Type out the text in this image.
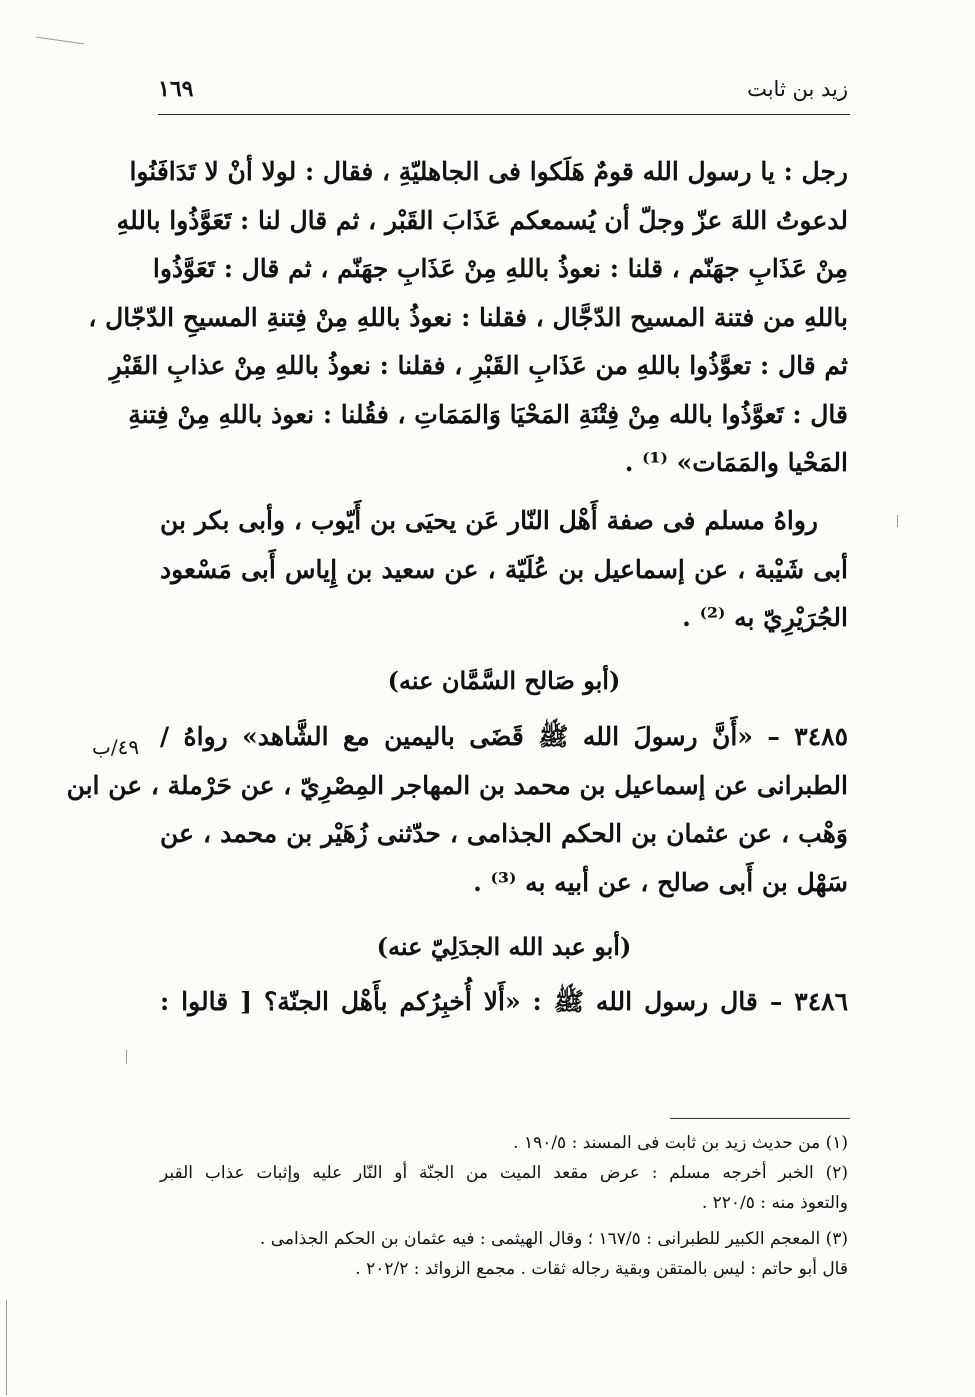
زيد بن ثابت
١٦٩
رجل : يا رسول الله قومٌ هَلَكوا فى الجاهليّةِ ، فقال : لولا أنْ لا تَدَافَنُوا
لدعوتُ اللهَ عزّ وجلّ أن يُسمعكم عَذَابَ القَبْر ، ثم قال لنا : تَعَوَّذُوا باللهِ
مِنْ عَذَابِ جهَنّم ، قلنا : نعوذُ باللهِ مِنْ عَذَابِ جهَنّم ، ثم قال : تَعَوَّذُوا
باللهِ من فتنة المسيح الدّجَّال ، فقلنا : نعوذُ باللهِ مِنْ فِتنةِ المسيحِ الدّجّال ،
ثم قال : تعوَّذُوا باللهِ من عَذَابِ القَبْرِ ، فقلنا : نعوذُ باللهِ مِنْ عذابِ القَبْرِ
قال : تَعوَّذُوا بالله مِنْ فِتْنَةِ المَحْيَا وَالمَمَاتِ ، فقُلنا : نعوذ باللهِ مِنْ فِتنةِ
المَحْيا والمَمَات» ⁽¹⁾ .
رواهُ مسلم فى صفة أَهْل النّار عَن يحيَى بن أَيّوب ، وأبى بكر بن
أبى شَيْبة ، عن إسماعيل بن عُلَيّة ، عن سعيد بن إِياس أَبى مَسْعود
الجُرَيْرِيّ به ⁽²⁾ .
(أبو صَالح السَّمَّان عنه)
٤٩/ب ٣٤٨٥ – «أَنَّ رسولَ الله ﷺ قَضَى باليمين مع الشَّاهد» رواهُ /
الطبرانى عن إسماعيل بن محمد بن المهاجر المِصْرِيّ ، عن حَرْملة ، عن ابن
وَهْب ، عن عثمان بن الحكم الجذامى ، حدّثنى زُهَيْر بن محمد ، عن
سَهْل بن أَبى صالح ، عن أبيه به ⁽³⁾ .
(أبو عبد الله الجدَلِيّ عنه)
٣٤٨٦ – قال رسول الله ﷺ : «أَلا أُخبِرُكم بأَهْل الجنّة؟ [ قالوا :
(١) من حديث زيد بن ثابت فى المسند : ١٩٠/٥ .
(٢) الخبر أخرجه مسلم : عرض مقعد الميت من الجنّة أو النّار عليه وإثبات عذاب القبر
والتعوذ منه : ٢٢٠/٥ .
(٣) المعجم الكبير للطبرانى : ١٦٧/٥ ؛ وقال الهيثمى : فيه عثمان بن الحكم الجذامى .
قال أبو حاتم : ليس بالمتقن وبقية رجاله ثقات . مجمع الزوائد : ٢٠٢/٢ .
